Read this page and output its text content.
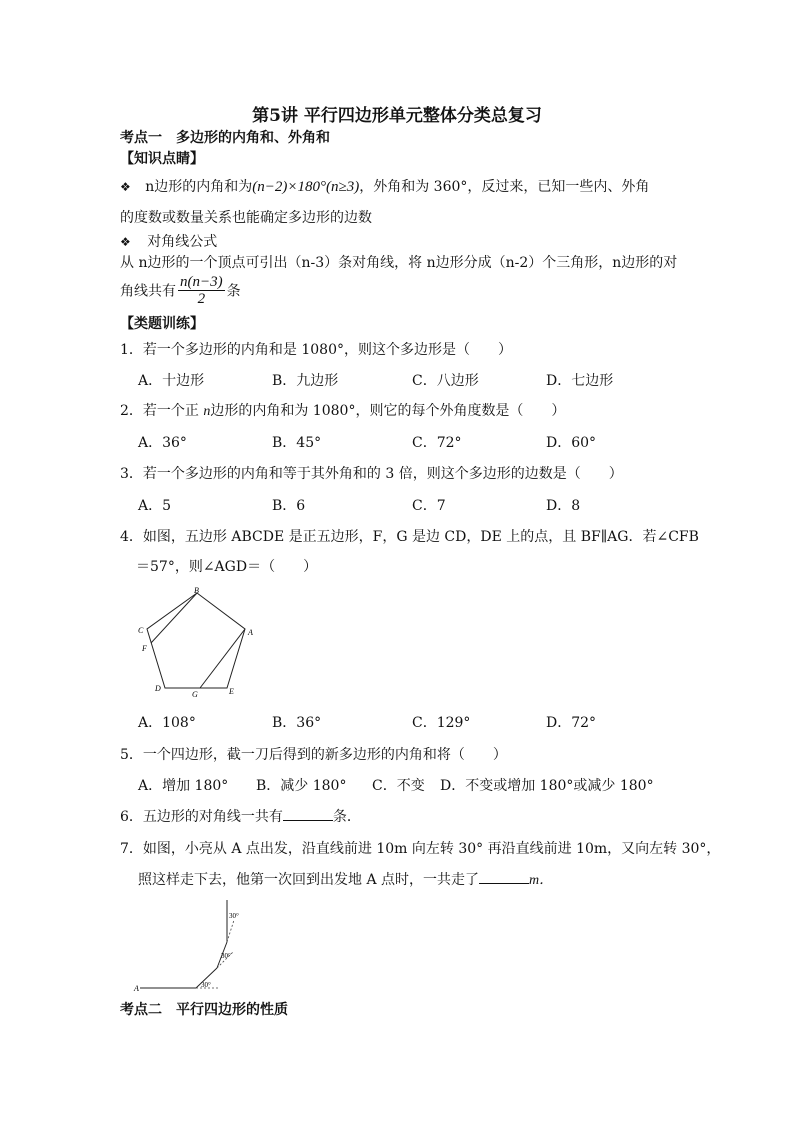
第5讲 平行四边形单元整体分类总复习
考点一　多边形的内角和、外角和
【知识点睛】
❖ n边形的内角和为(n−2)×180°(n≥3)，外角和为 360°，反过来，已知一些内、外角
的度数或数量关系也能确定多边形的边数
❖ 对角线公式
从 n边形的一个顶点可引出（n-3）条对角线，将 n边形分成（n-2）个三角形，n边形的对
角线共有 $\frac{n(n-3)}{2}$ 条
【类题训练】
1．若一个多边形的内角和是 1080°，则这个多边形是（　　）
A．十边形	B．九边形	C．八边形	D．七边形
2．若一个正 n边形的内角和为 1080°，则它的每个外角度数是（　　）
A．36°	B．45°	C．72°	D．60°
3．若一个多边形的内角和等于其外角和的 3 倍，则这个多边形的边数是（　　）
A．5	B．6	C．7	D．8
4．如图，五边形 ABCDE 是正五边形，F，G 是边 CD，DE 上的点，且 BF∥AG．若∠CFB
＝57°，则∠AGD＝（　　）
B
A
C
F
D
G	E
A．108°	B．36°	C．129°	D．72°
5．一个四边形，截一刀后得到的新多边形的内角和将（　　）
A．增加 180° B．减少 180° C．不变 D．不变或增加 180°或减少 180°
6．五边形的对角线一共有	条．
7．如图，小亮从 A 点出发，沿直线前进 10m 向左转 30° 再沿直线前进 10m，又向左转 30°，
照这样走下去，他第一次回到出发地 A 点时，一共走了	m．
A	30°
30°
30°
考点二　平行四边形的性质
